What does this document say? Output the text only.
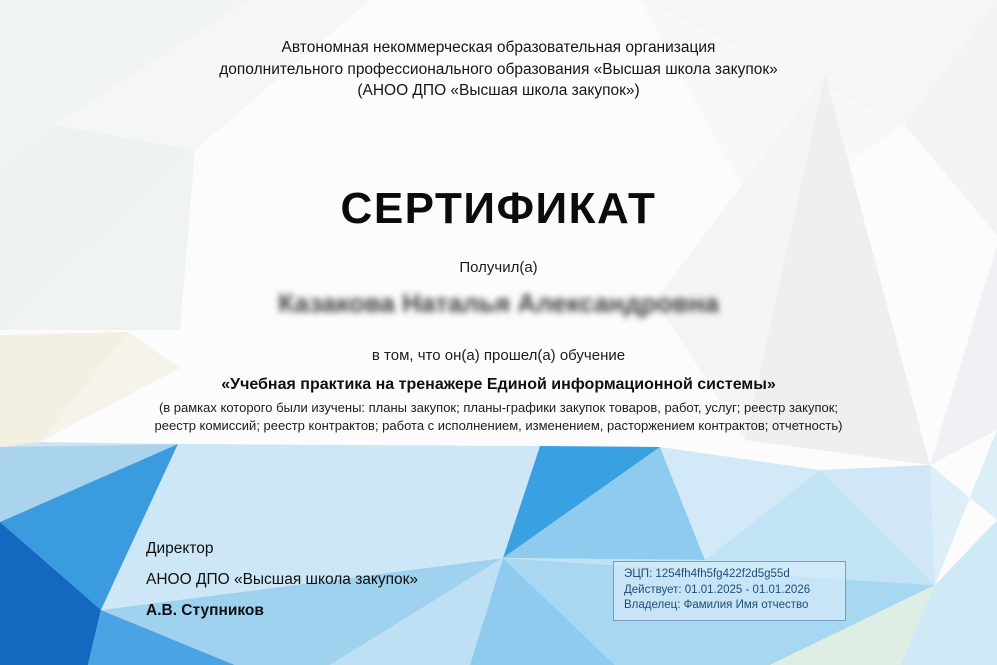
Автономная некоммерческая образовательная организация
дополнительного профессионального образования «Высшая школа закупок»
(АНОО ДПО «Высшая школа закупок»)
СЕРТИФИКАТ
Получил(а)
Казакова Наталья Александровна
в том, что он(а) прошел(а) обучение
«Учебная практика на тренажере Единой информационной системы»
(в рамках которого были изучены: планы закупок; планы-графики закупок товаров, работ, услуг; реестр закупок;
реестр комиссий; реестр контрактов; работа с исполнением, изменением, расторжением контрактов; отчетность)
Директор
АНОО ДПО «Высшая школа закупок»
А.В. Ступников
ЭЦП: 1254fh4fh5fg422f2d5g55d
Действует: 01.01.2025 - 01.01.2026
Владелец: Фамилия Имя отчество
